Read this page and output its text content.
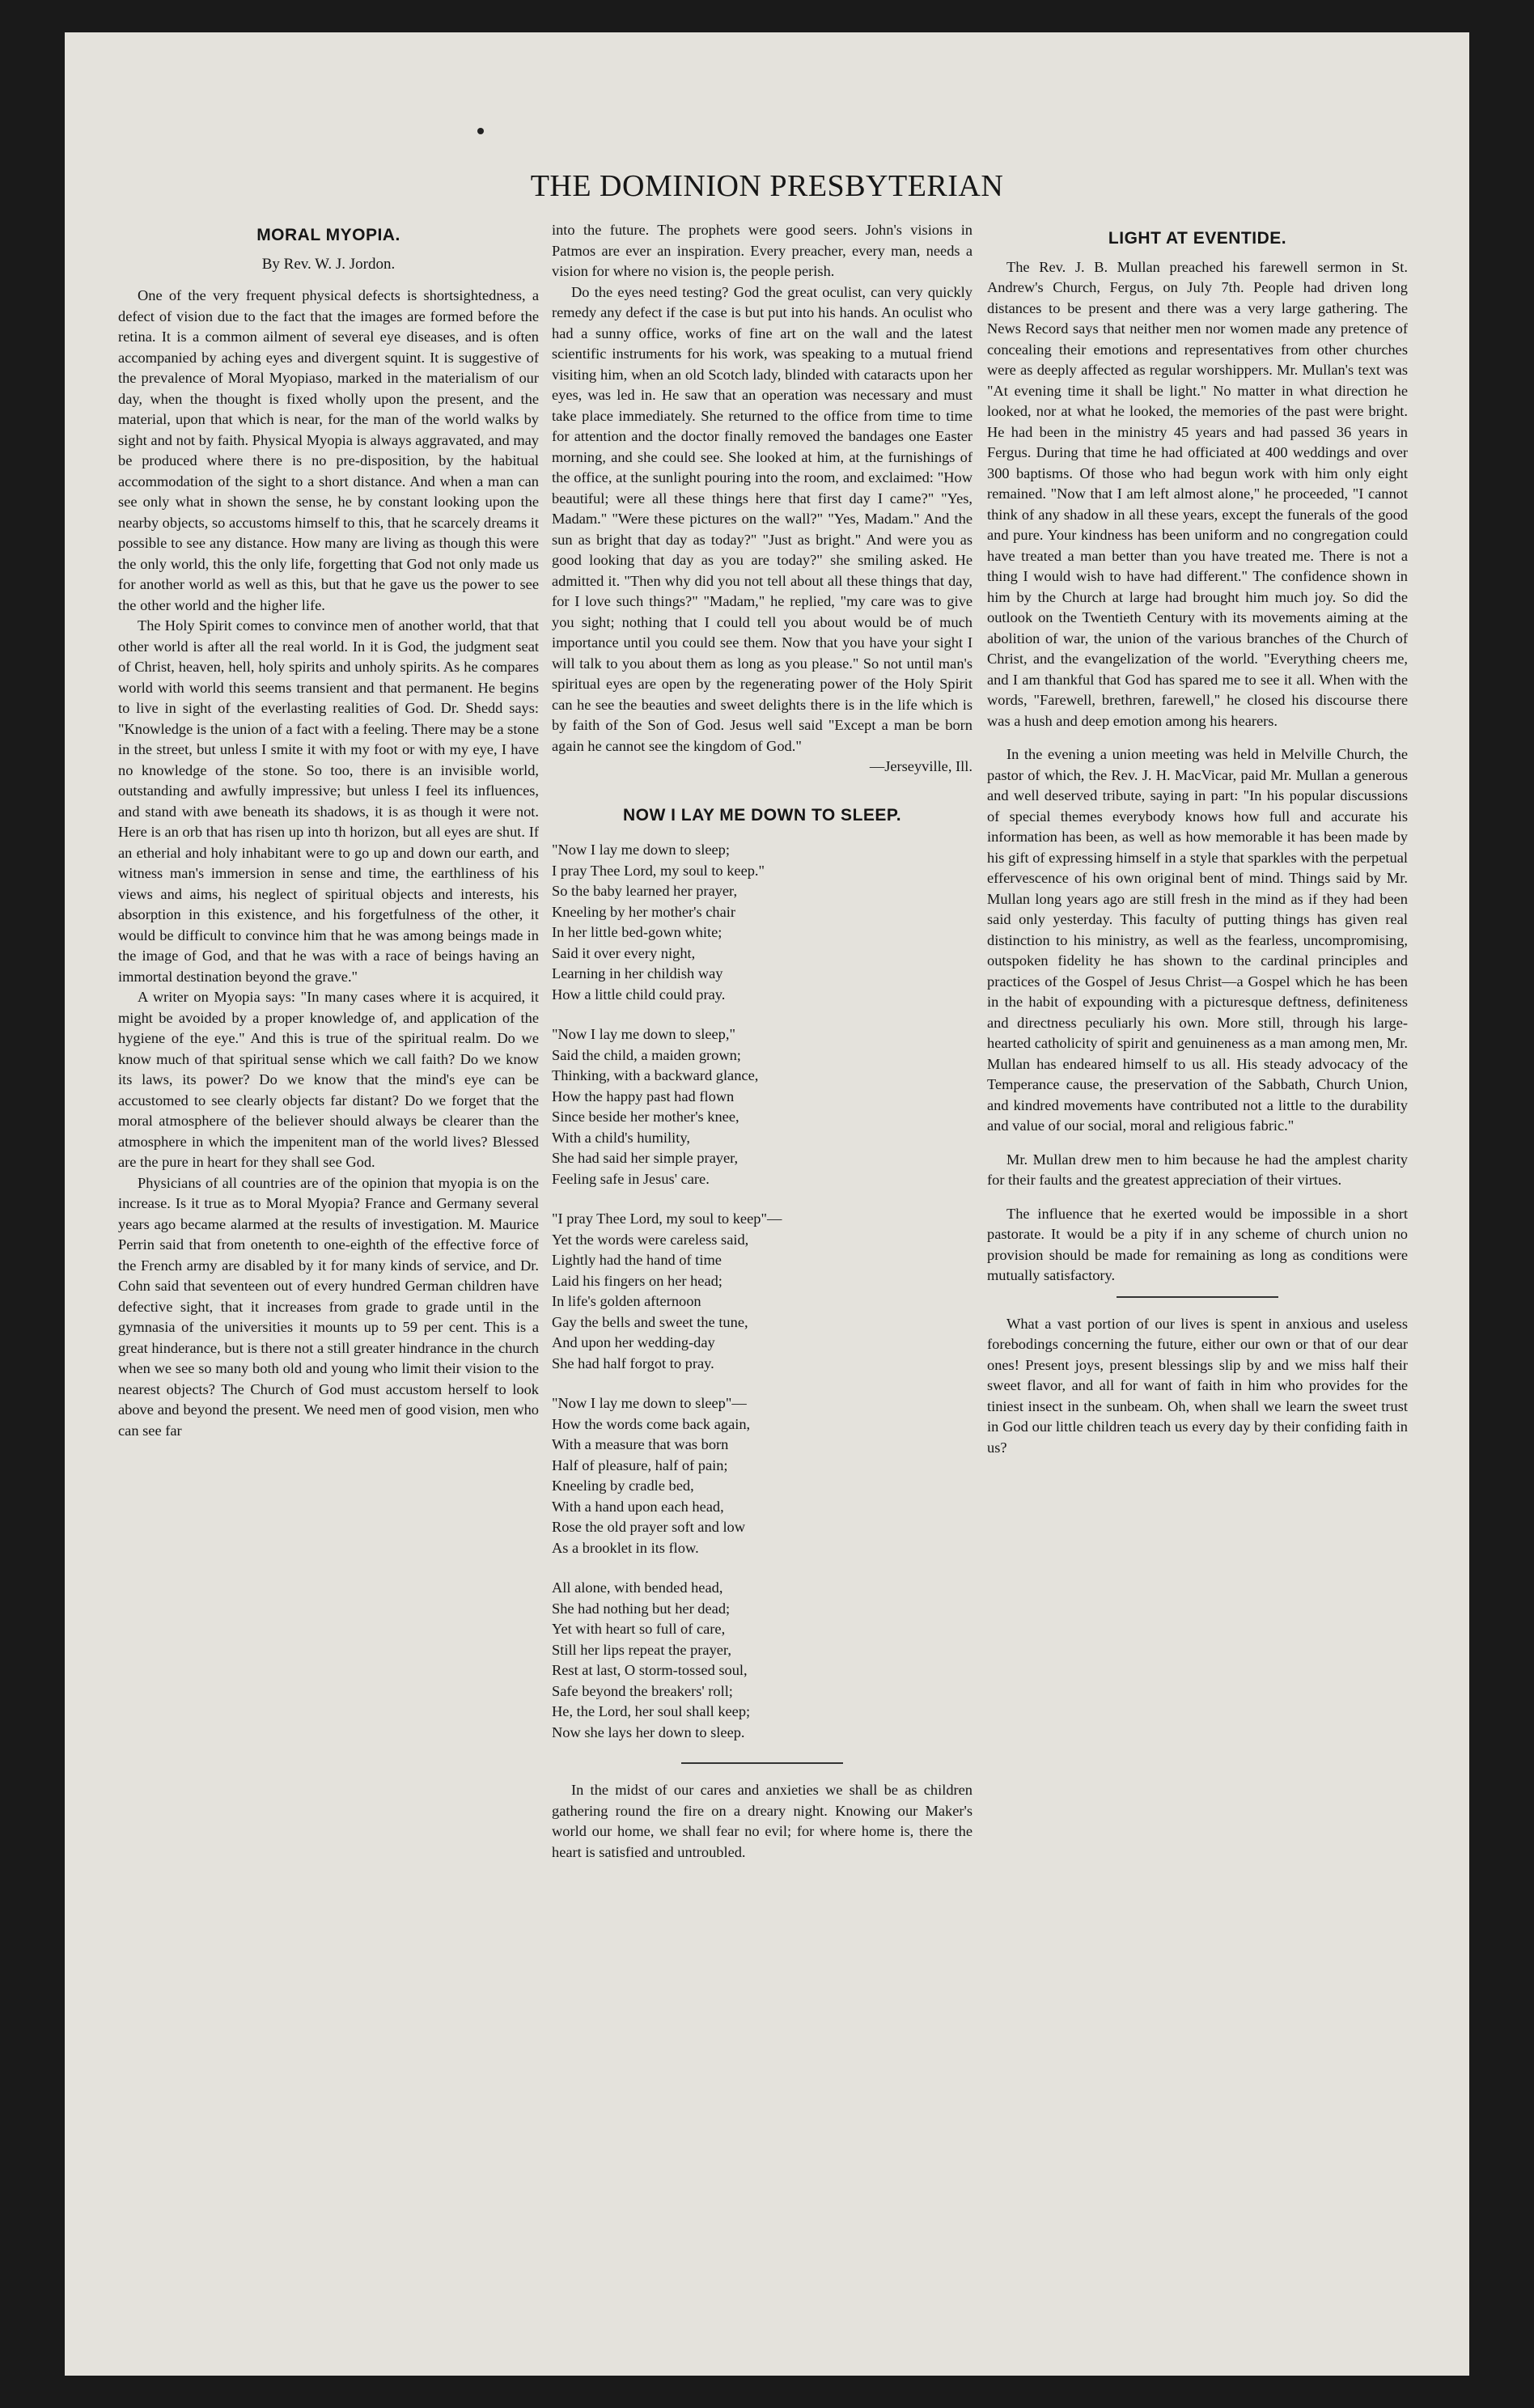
THE DOMINION PRESBYTERIAN
MORAL MYOPIA.
By Rev. W. J. Jordon.

One of the very frequent physical defects is shortsightedness, a defect of vision due to the fact that the images are formed before the retina. It is a common ailment of several eye diseases, and is often accompanied by aching eyes and divergent squint. It is suggestive of the prevalence of Moral Myopiaso, marked in the materialism of our day, when the thought is fixed wholly upon the present, and the material, upon that which is near, for the man of the world walks by sight and not by faith. Physical Myopia is always aggravated, and may be produced where there is no pre-disposition, by the habitual accommodation of the sight to a short distance. And when a man can see only what in shown the sense, he by constant looking upon the nearby objects, so accustoms himself to this, that he scarcely dreams it possible to see any distance. How many are living as though this were the only world, this the only life, forgetting that God not only made us for another world as well as this, but that he gave us the power to see the other world and the higher life.

The Holy Spirit comes to convince men of another world, that that other world is after all the real world. In it is God, the judgment seat of Christ, heaven, hell, holy spirits and unholy spirits. As he compares world with world this seems transient and that permanent. He begins to live in sight of the everlasting realities of God. Dr. Shedd says: "Knowledge is the union of a fact with a feeling. There may be a stone in the street, but unless I smite it with my foot or with my eye, I have no knowledge of the stone. So too, there is an invisible world, outstanding and awfully impressive; but unless I feel its influences, and stand with awe beneath its shadows, it is as though it were not. Here is an orb that has risen up into th horizon, but all eyes are shut. If an etherial and holy inhabitant were to go up and down our earth, and witness man's immersion in sense and time, the earthliness of his views and aims, his neglect of spiritual objects and interests, his absorption in this existence, and his forgetfulness of the other, it would be difficult to convince him that he was among beings made in the image of God, and that he was with a race of beings having an immortal destination beyond the grave."

A writer on Myopia says: "In many cases where it is acquired, it might be avoided by a proper knowledge of, and application of the hygiene of the eye." And this is true of the spiritual realm. Do we know much of that spiritual sense which we call faith? Do we know its laws, its power? Do we know that the mind's eye can be accustomed to see clearly objects far distant? Do we forget that the moral atmosphere of the believer should always be clearer than the atmosphere in which the impenitent man of the world lives? Blessed are the pure in heart for they shall see God.

Physicians of all countries are of the opinion that myopia is on the increase. Is it true as to Moral Myopia? France and Germany several years ago became alarmed at the results of investigation. M. Maurice Perrin said that from onetenth to one-eighth of the effective force of the French army are disabled by it for many kinds of service, and Dr. Cohn said that seventeen out of every hundred German children have defective sight, that it increases from grade to grade until in the gymnasia of the universities it mounts up to 59 per cent. This is a great hinderance, but is there not a still greater hindrance in the church when we see so many both old and young who limit their vision to the nearest objects? The Church of God must accustom herself to look above and beyond the present. We need men of good vision, men who can see far

into the future. The prophets were good seers. John's visions in Patmos are ever an inspiration. Every preacher, every man, needs a vision for where no vision is, the people perish.

Do the eyes need testing? God the great oculist, can very quickly remedy any defect if the case is but put into his hands. An oculist who had a sunny office, works of fine art on the wall and the latest scientific instruments for his work, was speaking to a mutual friend visiting him, when an old Scotch lady, blinded with cataracts upon her eyes, was led in. He saw that an operation was necessary and must take place immediately. She returned to the office from time to time for attention and the doctor finally removed the bandages one Easter morning, and she could see. She looked at him, at the furnishings of the office, at the sunlight pouring into the room, and exclaimed: "How beautiful; were all these things here that first day I came?" "Yes, Madam." "Were these pictures on the wall?" "Yes, Madam." And the sun as bright that day as today?" "Just as bright." And were you as good looking that day as you are today?" she smiling asked. He admitted it. "Then why did you not tell about all these things that day, for I love such things?" "Madam," he replied, "my care was to give you sight; nothing that I could tell you about would be of much importance until you could see them. Now that you have your sight I will talk to you about them as long as you please." So not until man's spiritual eyes are open by the regenerating power of the Holy Spirit can he see the beauties and sweet delights there is in the life which is by faith of the Son of God. Jesus well said "Except a man be born again he cannot see the kingdom of God."

—Jerseyville, Ill.
NOW I LAY ME DOWN TO SLEEP.
"Now I lay me down to sleep;
I pray Thee Lord, my soul to keep."
So the baby learned her prayer,
Kneeling by her mother's chair
In her little bed-gown white;
Said it over every night,
Learning in her childish way
How a little child could pray.
"Now I lay me down to sleep,"
Said the child, a maiden grown;
Thinking, with a backward glance,
How the happy past had flown
Since beside her mother's knee,
With a child's humility,
She had said her simple prayer,
Feeling safe in Jesus' care.
"I pray Thee Lord, my soul to keep"—
Yet the words were careless said,
Lightly had the hand of time
Laid his fingers on her head;
In life's golden afternoon
Gay the bells and sweet the tune,
And upon her wedding-day
She had half forgot to pray.
"Now I lay me down to sleep"—
How the words come back again,
With a measure that was born
Half of pleasure, half of pain;
Kneeling by cradle bed,
With a hand upon each head,
Rose the old prayer soft and low
As a brooklet in its flow.
All alone, with bended head,
She had nothing but her dead;
Yet with heart so full of care,
Still her lips repeat the prayer,
Rest at last, O storm-tossed soul,
Safe beyond the breakers' roll;
He, the Lord, her soul shall keep;
Now she lays her down to sleep.

In the midst of our cares and anxieties we shall be as children gathering round the fire on a dreary night. Knowing our Maker's world our home, we shall fear no evil; for where home is, there the heart is satisfied and untroubled.

LIGHT AT EVENTIDE.

The Rev. J. B. Mullan preached his farewell sermon in St. Andrew's Church, Fergus, on July 7th. People had driven long distances to be present and there was a very large gathering. The News Record says that neither men nor women made any pretence of concealing their emotions and representatives from other churches were as deeply affected as regular worshippers. Mr. Mullan's text was "At evening time it shall be light." No matter in what direction he looked, nor at what he looked, the memories of the past were bright. He had been in the ministry 45 years and had passed 36 years in Fergus. During that time he had officiated at 400 weddings and over 300 baptisms. Of those who had begun work with him only eight remained. "Now that I am left almost alone," he proceeded, "I cannot think of any shadow in all these years, except the funerals of the good and pure. Your kindness has been uniform and no congregation could have treated a man better than you have treated me. There is not a thing I would wish to have had different." The confidence shown in him by the Church at large had brought him much joy. So did the outlook on the Twentieth Century with its movements aiming at the abolition of war, the union of the various branches of the Church of Christ, and the evangelization of the world. "Everything cheers me, and I am thankful that God has spared me to see it all. When with the words, "Farewell, brethren, farewell," he closed his discourse there was a hush and deep emotion among his hearers.

In the evening a union meeting was held in Melville Church, the pastor of which, the Rev. J. H. MacVicar, paid Mr. Mullan a generous and well deserved tribute, saying in part: "In his popular discussions of special themes everybody knows how full and accurate his information has been, as well as how memorable it has been made by his gift of expressing himself in a style that sparkles with the perpetual effervescence of his own original bent of mind. Things said by Mr. Mullan long years ago are still fresh in the mind as if they had been said only yesterday. This faculty of putting things has given real distinction to his ministry, as well as the fearless, uncompromising, outspoken fidelity he has shown to the cardinal principles and practices of the Gospel of Jesus Christ—a Gospel which he has been in the habit of expounding with a picturesque deftness, definiteness and directness peculiarly his own. More still, through his large-hearted catholicity of spirit and genuineness as a man among men, Mr. Mullan has endeared himself to us all. His steady advocacy of the Temperance cause, the preservation of the Sabbath, Church Union, and kindred movements have contributed not a little to the durability and value of our social, moral and religious fabric."

Mr. Mullan drew men to him because he had the amplest charity for their faults and the greatest appreciation of their virtues.

The influence that he exerted would be impossible in a short pastorate. It would be a pity if in any scheme of church union no provision should be made for remaining as long as conditions were mutually satisfactory.

What a vast portion of our lives is spent in anxious and useless forebodings concerning the future, either our own or that of our dear ones! Present joys, present blessings slip by and we miss half their sweet flavor, and all for want of faith in him who provides for the tiniest insect in the sunbeam. Oh, when shall we learn the sweet trust in God our little children teach us every day by their confiding faith in us?
